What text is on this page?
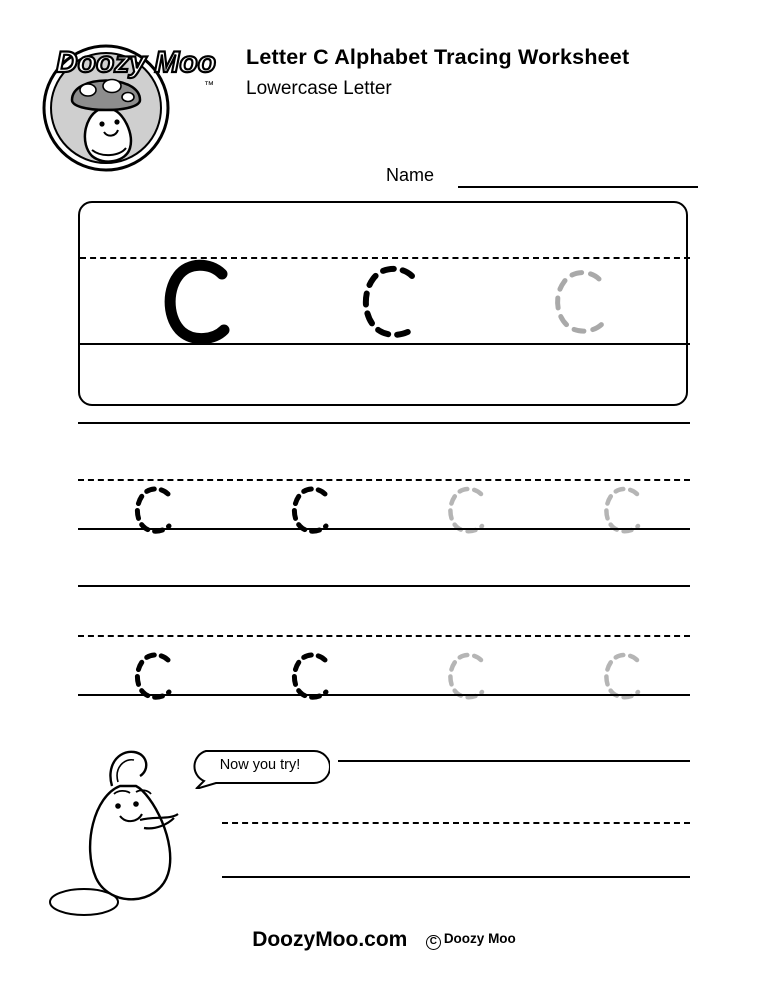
Doozy Moo
™
Letter C Alphabet Tracing Worksheet
Lowercase Letter
Name
Now you try!
DoozyMoo.com C Doozy Moo
